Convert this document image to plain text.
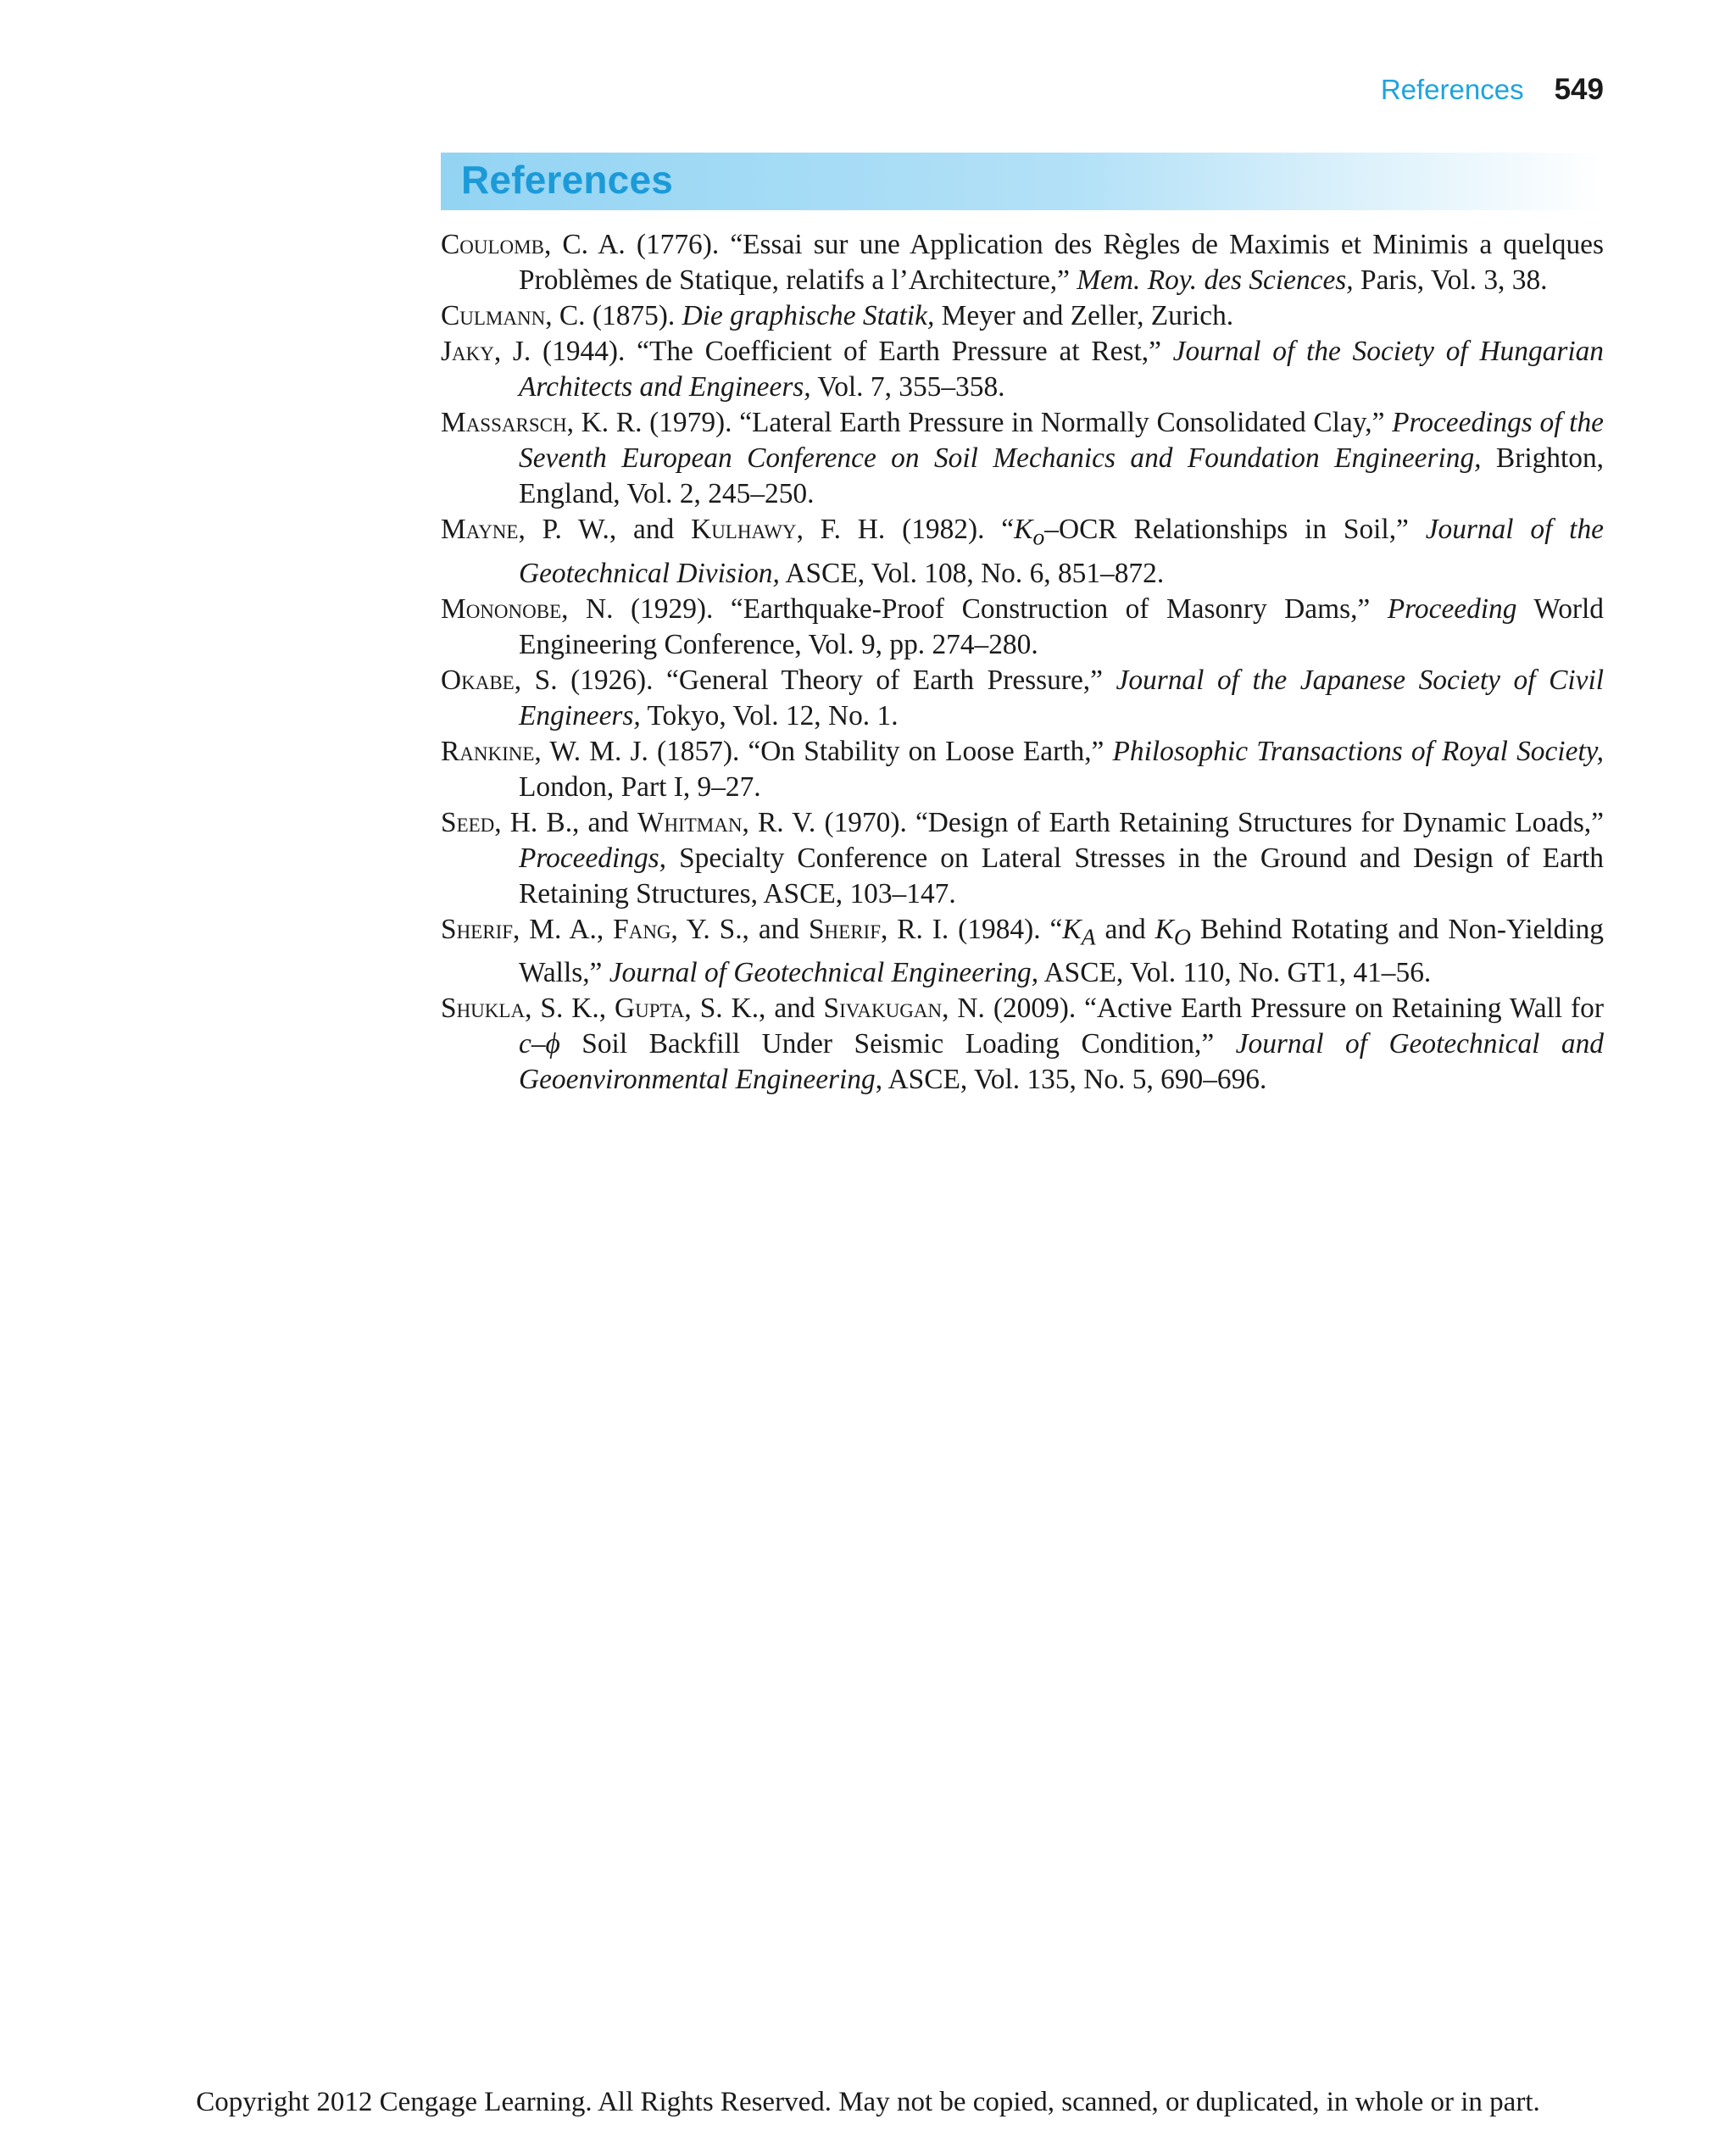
References 549
References

Coulomb, C. A. (1776). “Essai sur une Application des Règles de Maximis et Minimis a quelques Problèmes de Statique, relatifs a l’Architecture,” Mem. Roy. des Sciences, Paris, Vol. 3, 38.

Culmann, C. (1875). Die graphische Statik, Meyer and Zeller, Zurich.

Jaky, J. (1944). “The Coefficient of Earth Pressure at Rest,” Journal of the Society of Hungarian Architects and Engineers, Vol. 7, 355–358.

Massarsch, K. R. (1979). “Lateral Earth Pressure in Normally Consolidated Clay,” Proceedings of the Seventh European Conference on Soil Mechanics and Foundation Engineering, Brighton, England, Vol. 2, 245–250.

Mayne, P. W., and Kulhawy, F. H. (1982). “$K_o$–OCR Relationships in Soil,” Journal of the Geotechnical Division, ASCE, Vol. 108, No. 6, 851–872.

Mononobe, N. (1929). “Earthquake-Proof Construction of Masonry Dams,” Proceeding World Engineering Conference, Vol. 9, pp. 274–280.

Okabe, S. (1926). “General Theory of Earth Pressure,” Journal of the Japanese Society of Civil Engineers, Tokyo, Vol. 12, No. 1.

Rankine, W. M. J. (1857). “On Stability on Loose Earth,” Philosophic Transactions of Royal Society, London, Part I, 9–27.

Seed, H. B., and Whitman, R. V. (1970). “Design of Earth Retaining Structures for Dynamic Loads,” Proceedings, Specialty Conference on Lateral Stresses in the Ground and Design of Earth Retaining Structures, ASCE, 103–147.

Sherif, M. A., Fang, Y. S., and Sherif, R. I. (1984). “$K_A$ and $K_O$ Behind Rotating and Non-Yielding Walls,” Journal of Geotechnical Engineering, ASCE, Vol. 110, No. GT1, 41–56.

Shukla, S. K., Gupta, S. K., and Sivakugan, N. (2009). “Active Earth Pressure on Retaining Wall for c–ϕ Soil Backfill Under Seismic Loading Condition,” Journal of Geotechnical and Geoenvironmental Engineering, ASCE, Vol. 135, No. 5, 690–696.

Copyright 2012 Cengage Learning. All Rights Reserved. May not be copied, scanned, or duplicated, in whole or in part.
